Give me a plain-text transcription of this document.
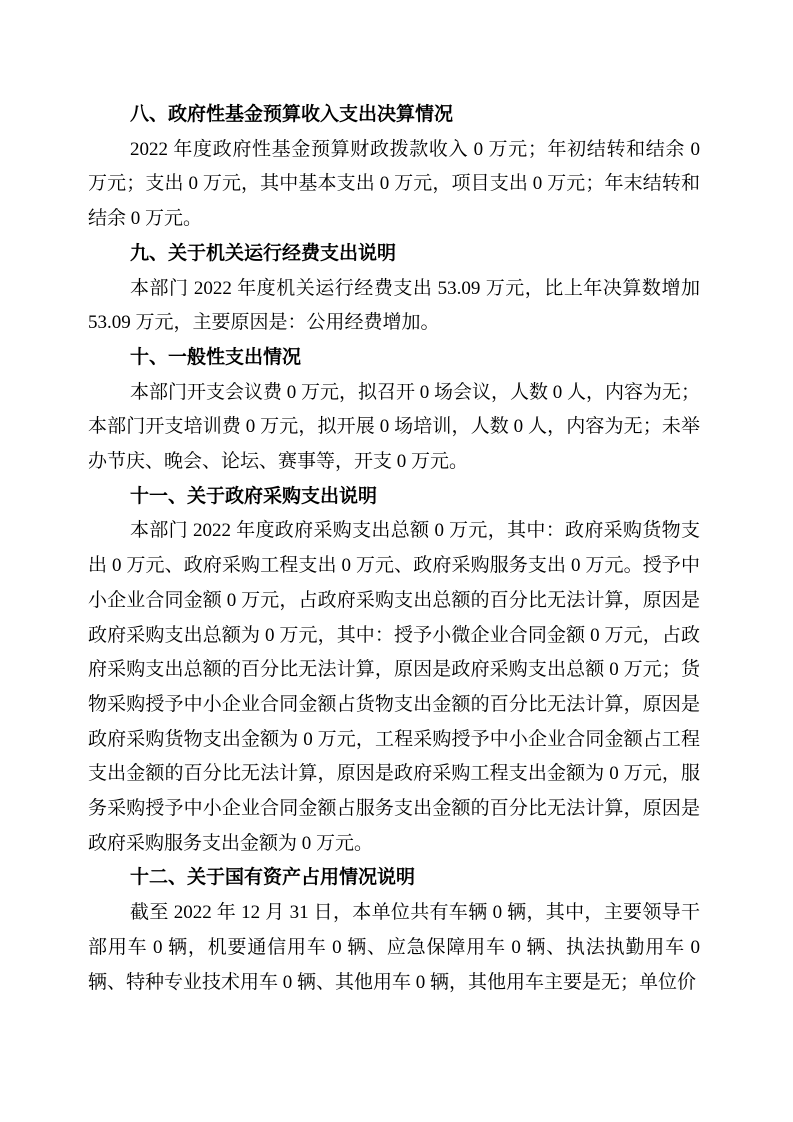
八、政府性基金预算收入支出决算情况

2022 年度政府性基金预算财政拨款收入 0 万元；年初结转和结余 0 万元；支出 0 万元，其中基本支出 0 万元，项目支出 0 万元；年末结转和结余 0 万元。

九、关于机关运行经费支出说明

本部门 2022 年度机关运行经费支出 53.09 万元，比上年决算数增加 53.09 万元，主要原因是：公用经费增加。

十、一般性支出情况

本部门开支会议费 0 万元，拟召开 0 场会议，人数 0 人，内容为无；本部门开支培训费 0 万元，拟开展 0 场培训，人数 0 人，内容为无；未举办节庆、晚会、论坛、赛事等，开支 0 万元。

十一、关于政府采购支出说明

本部门 2022 年度政府采购支出总额 0 万元，其中：政府采购货物支出 0 万元、政府采购工程支出 0 万元、政府采购服务支出 0 万元。授予中小企业合同金额 0 万元，占政府采购支出总额的百分比无法计算，原因是政府采购支出总额为 0 万元，其中：授予小微企业合同金额 0 万元，占政府采购支出总额的百分比无法计算，原因是政府采购支出总额 0 万元；货物采购授予中小企业合同金额占货物支出金额的百分比无法计算，原因是政府采购货物支出金额为 0 万元，工程采购授予中小企业合同金额占工程支出金额的百分比无法计算，原因是政府采购工程支出金额为 0 万元，服务采购授予中小企业合同金额占服务支出金额的百分比无法计算，原因是政府采购服务支出金额为 0 万元。

十二、关于国有资产占用情况说明

截至 2022 年 12 月 31 日，本单位共有车辆 0 辆，其中，主要领导干部用车 0 辆，机要通信用车 0 辆、应急保障用车 0 辆、执法执勤用车 0 辆、特种专业技术用车 0 辆、其他用车 0 辆，其他用车主要是无；单位价
